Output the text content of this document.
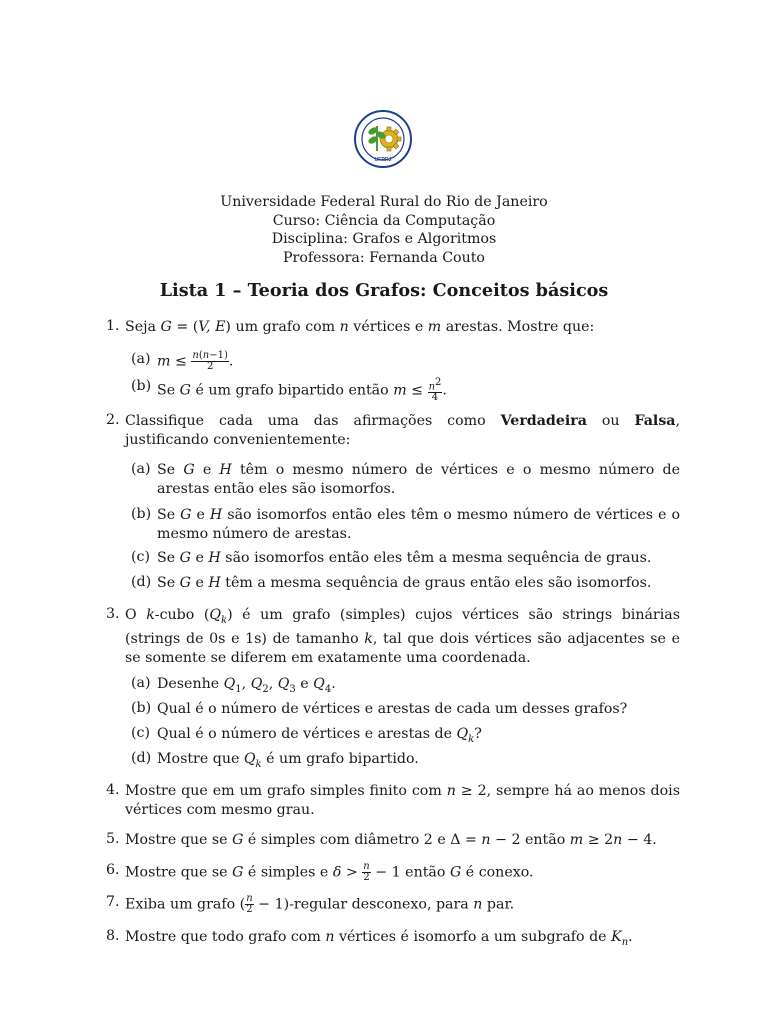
UFRRJ
Universidade Federal Rural do Rio de Janeiro
Curso: Ciência da Computação
Disciplina: Grafos e Algoritmos
Professora: Fernanda Couto
Lista 1 – Teoria dos Grafos: Conceitos básicos
1. Seja G = (V, E) um grafo com n vértices e m arestas. Mostre que:
(a) $m \le \frac{n(n-1)}{2}$ .
(b) Se G é um grafo bipartido então $m \le \frac{n^2}{4}$ .
2. Classifique cada uma das afirmações como Verdadeira ou Falsa, justificando convenientemente:
(a) Se G e H têm o mesmo número de vértices e o mesmo número de arestas então eles são isomorfos.
(b) Se G e H são isomorfos então eles têm o mesmo número de vértices e o mesmo número de arestas.
(c) Se G e H são isomorfos então eles têm a mesma sequência de graus.
(d) Se G e H têm a mesma sequência de graus então eles são isomorfos.
3. O k-cubo $(Q_k)$ é um grafo (simples) cujos vértices são strings binárias (strings de 0s e 1s) de tamanho k, tal que dois vértices são adjacentes se e se somente se diferem em exatamente uma coordenada.
(a) Desenhe $Q_1$, $Q_2$, $Q_3$ e $Q_4$.
(b) Qual é o número de vértices e arestas de cada um desses grafos?
(c) Qual é o número de vértices e arestas de $Q_k$?
(d) Mostre que $Q_k$ é um grafo bipartido.
4. Mostre que em um grafo simples finito com n ≥ 2, sempre há ao menos dois vértices com mesmo grau.
5. Mostre que se G é simples com diâmetro 2 e Δ = n − 2 então m ≥ 2n − 4.
6. Mostre que se G é simples e $\delta > \frac{n}{2} - 1$ então G é conexo.
7. Exiba um grafo ( $\frac{n}{2}$ − 1)-regular desconexo, para n par.
8. Mostre que todo grafo com n vértices é isomorfo a um subgrafo de $K_n$.
